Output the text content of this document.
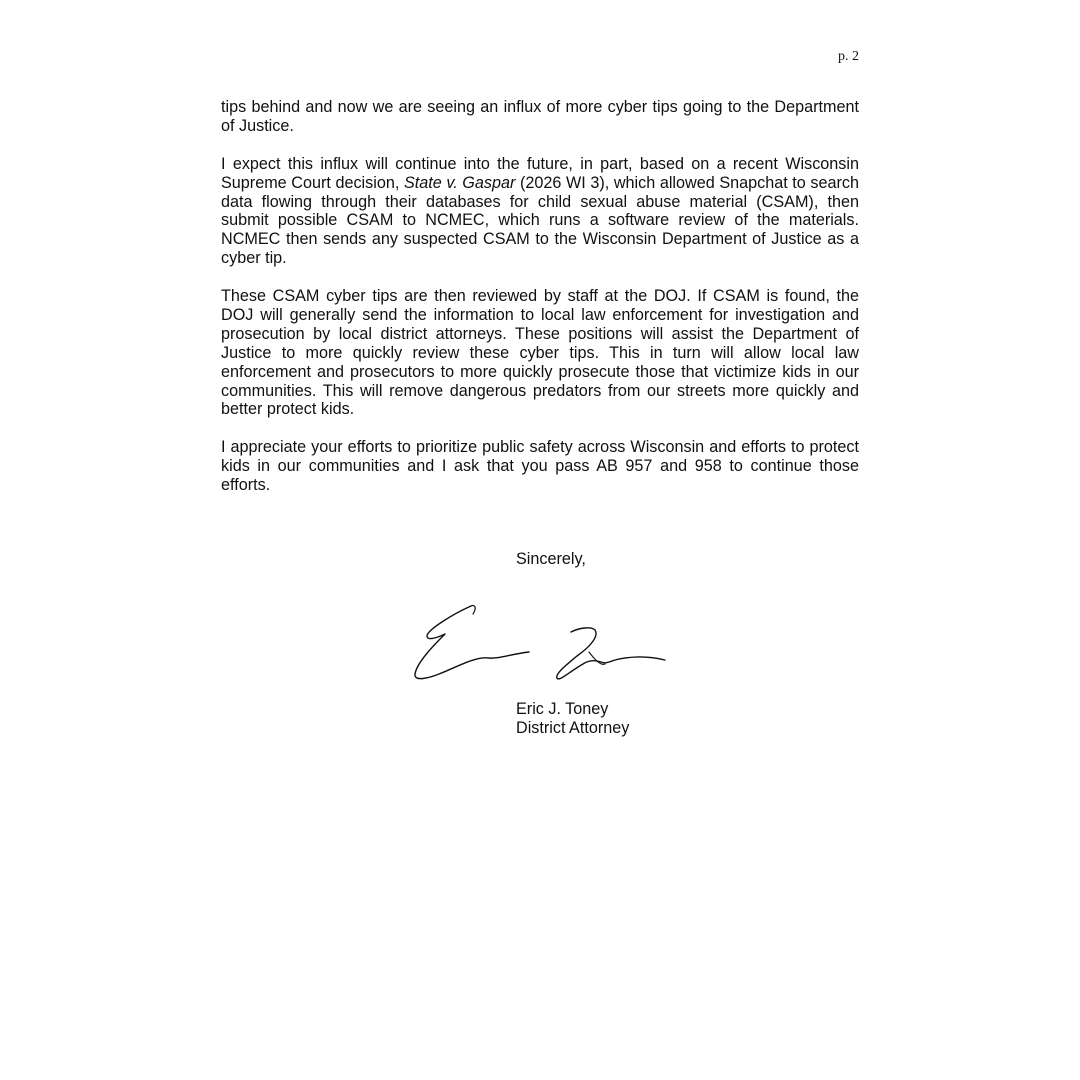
p. 2

tips behind and now we are seeing an influx of more cyber tips going to the Department of Justice.

I expect this influx will continue into the future, in part, based on a recent Wisconsin Supreme Court decision, State v. Gaspar (2026 WI 3), which allowed Snapchat to search data flowing through their databases for child sexual abuse material (CSAM), then submit possible CSAM to NCMEC, which runs a software review of the materials. NCMEC then sends any suspected CSAM to the Wisconsin Department of Justice as a cyber tip.

These CSAM cyber tips are then reviewed by staff at the DOJ. If CSAM is found, the DOJ will generally send the information to local law enforcement for investigation and prosecution by local district attorneys. These positions will assist the Department of Justice to more quickly review these cyber tips. This in turn will allow local law enforcement and prosecutors to more quickly prosecute those that victimize kids in our communities. This will remove dangerous predators from our streets more quickly and better protect kids.

I appreciate your efforts to prioritize public safety across Wisconsin and efforts to protect kids in our communities and I ask that you pass AB 957 and 958 to continue those efforts.

Sincerely,
Eric J. Toney
District Attorney
